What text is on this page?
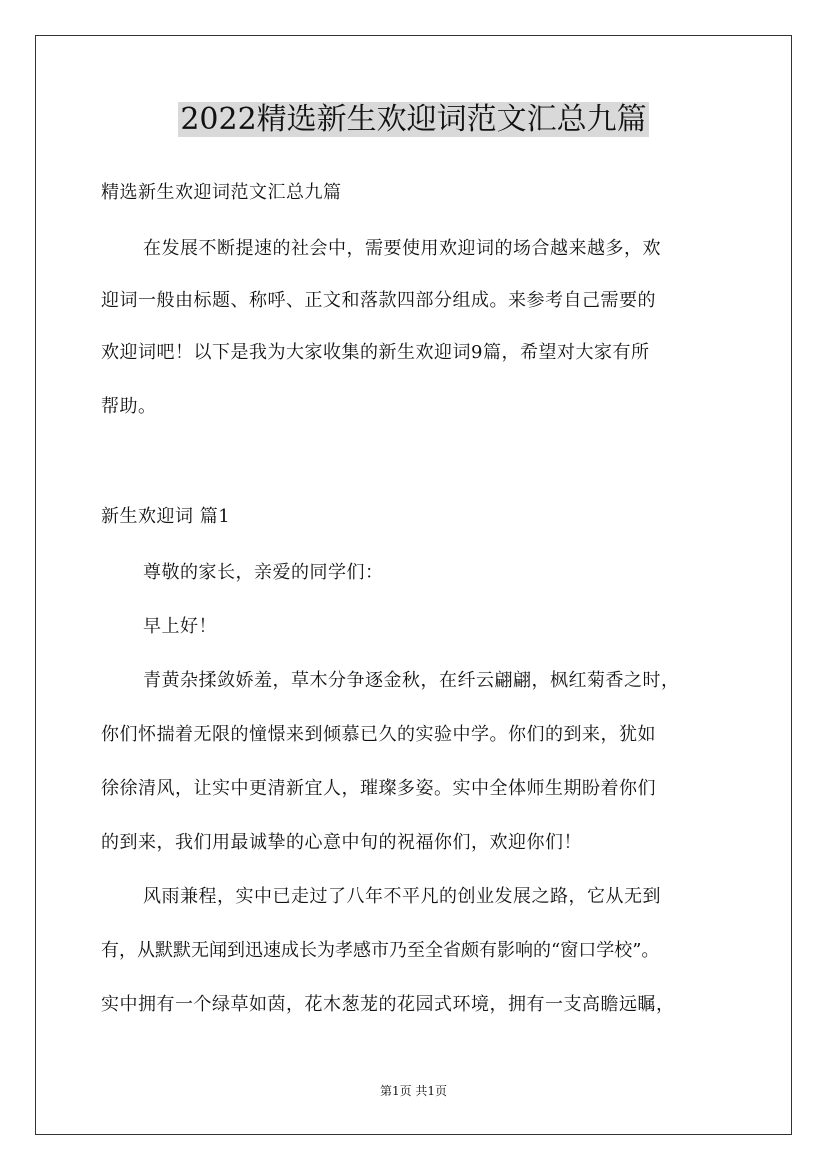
2022精选新生欢迎词范文汇总九篇
精选新生欢迎词范文汇总九篇
在发展不断提速的社会中，需要使用欢迎词的场合越来越多，欢
迎词一般由标题、称呼、正文和落款四部分组成。来参考自己需要的
欢迎词吧！以下是我为大家收集的新生欢迎词9篇，希望对大家有所
帮助。
新生欢迎词 篇1
尊敬的家长，亲爱的同学们：
早上好！
青黄杂揉敛娇羞，草木分争逐金秋，在纤云翩翩，枫红菊香之时，
你们怀揣着无限的憧憬来到倾慕已久的实验中学。你们的到来，犹如
徐徐清风，让实中更清新宜人，璀璨多姿。实中全体师生期盼着你们
的到来，我们用最诚挚的心意中旬的祝福你们，欢迎你们！
风雨兼程，实中已走过了八年不平凡的创业发展之路，它从无到
有，从默默无闻到迅速成长为孝感市乃至全省颇有影响的“窗口学校”。
实中拥有一个绿草如茵，花木葱茏的花园式环境，拥有一支高瞻远瞩，
第1页 共1页
